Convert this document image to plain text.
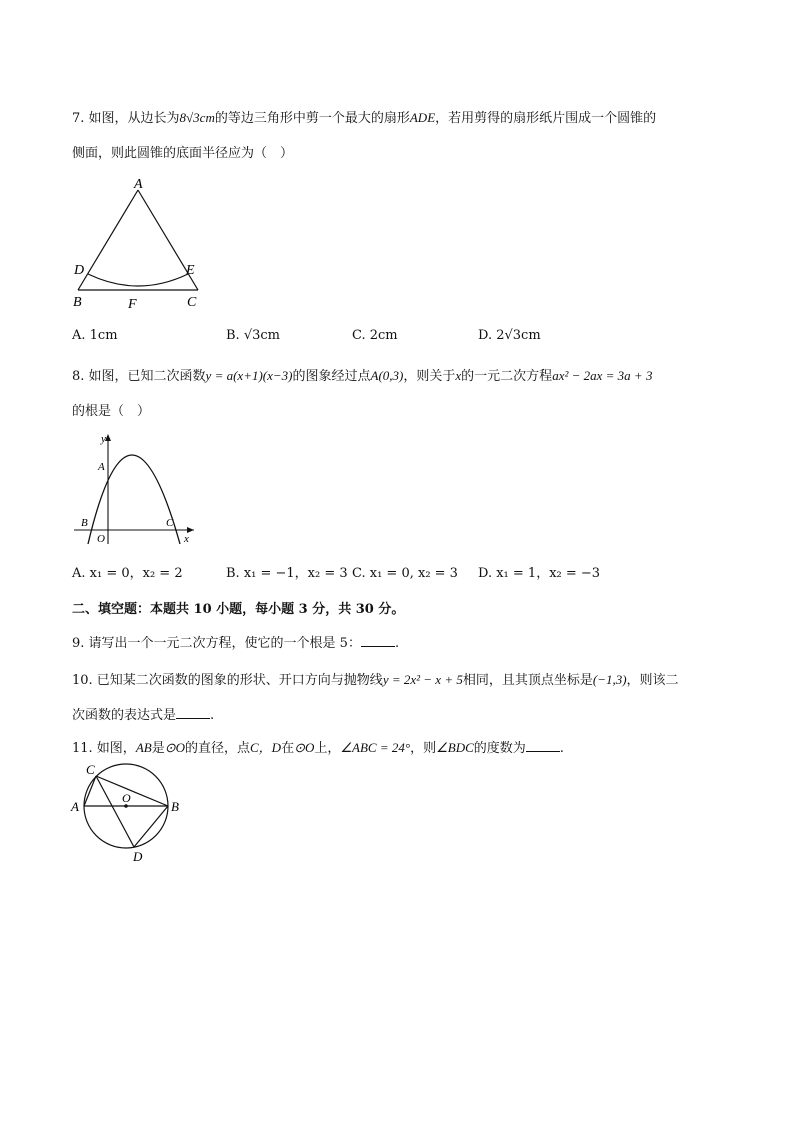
7. 如图，从边长为8√3cm的等边三角形中剪一个最大的扇形ADE，若用剪得的扇形纸片围成一个圆锥的
侧面，则此圆锥的底面半径应为（　）
A
B	C
D	E
F
A. 1cm	B. √3cm	C. 2cm	D. 2√3cm
8. 如图，已知二次函数y = a(x+1)(x−3)的图象经过点A(0,3)，则关于x的一元二次方程ax² − 2ax = 3a + 3
的根是（　）
y
x
A
B	C
O
A. x₁ = 0，x₂ = 2	B. x₁ = −1，x₂ = 3 C. x₁ = 0, x₂ = 3 D. x₁ = 1，x₂ = −3
二、填空题：本题共 10 小题，每小题 3 分，共 30 分。
9. 请写出一个一元二次方程，使它的一个根是 5：	.
10. 已知某二次函数的图象的形状、开口方向与抛物线y = 2x² − x + 5相同，且其顶点坐标是(−1,3)，则该二
次函数的表达式是	.
11. 如图，AB是⊙O的直径，点C，D在⊙O上，∠ABC = 24°，则∠BDC的度数为	.
A	B
C
D
O
